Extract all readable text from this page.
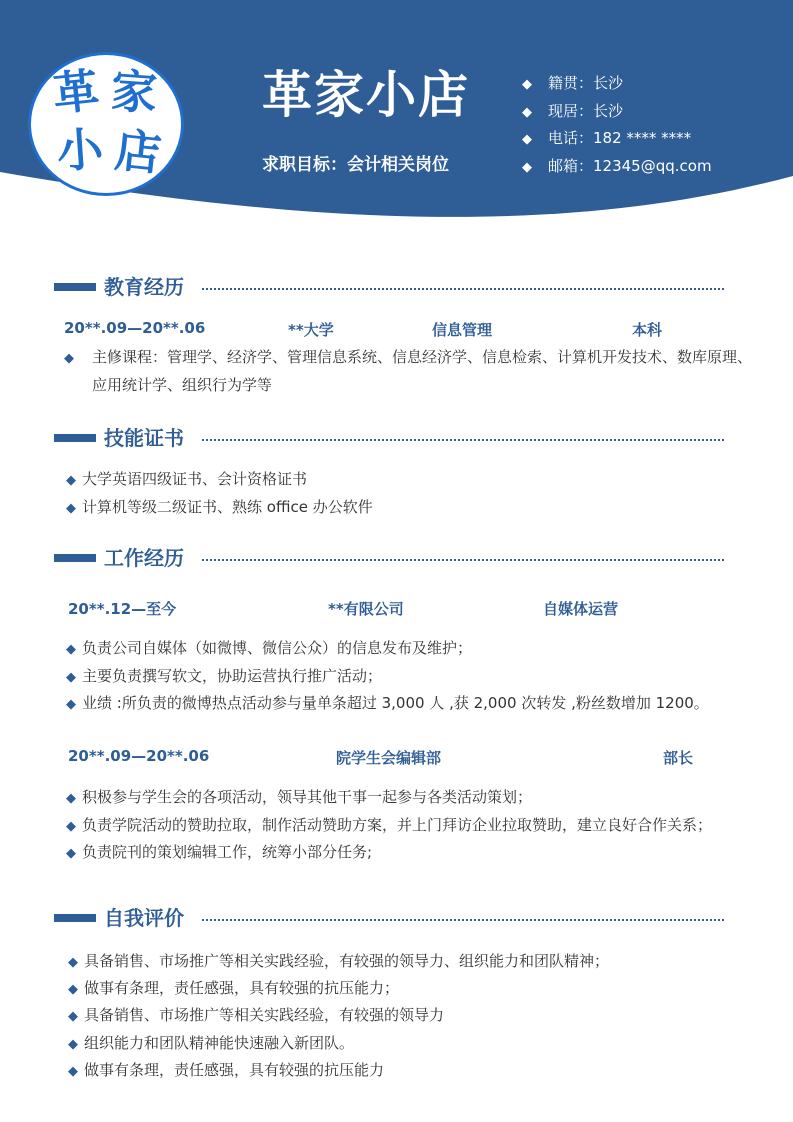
革 家
小 店
革家小店
求职目标：会计相关岗位
◆ 籍贯：长沙
◆ 现居：长沙
◆ 电话：182 **** ****
◆ 邮箱：12345@qq.com
教育经历
20**.09—20**.06	**大学	信息管理	本科
◆ 主修课程：管理学、经济学、管理信息系统、信息经济学、信息检索、计算机开发技术、数库原理、应用统计学、组织行为学等
技能证书
◆ 大学英语四级证书、会计资格证书
◆ 计算机等级二级证书、熟练 office 办公软件
工作经历
20**.12—至今	**有限公司	自媒体运营
◆ 负责公司自媒体（如微博、微信公众）的信息发布及维护；
◆ 主要负责撰写软文，协助运营执行推广活动；
◆ 业绩 :所负责的微博热点活动参与量单条超过 3,000 人 ,获 2,000 次转发 ,粉丝数增加 1200。
20**.09—20**.06	院学生会编辑部	部长
◆ 积极参与学生会的各项活动，领导其他干事一起参与各类活动策划；
◆ 负责学院活动的赞助拉取，制作活动赞助方案，并上门拜访企业拉取赞助，建立良好合作关系；
◆ 负责院刊的策划编辑工作，统筹小部分任务;
自我评价
◆ 具备销售、市场推广等相关实践经验，有较强的领导力、组织能力和团队精神；
◆ 做事有条理，责任感强，具有较强的抗压能力；
◆ 具备销售、市场推广等相关实践经验，有较强的领导力
◆ 组织能力和团队精神能快速融入新团队。
◆ 做事有条理，责任感强，具有较强的抗压能力
